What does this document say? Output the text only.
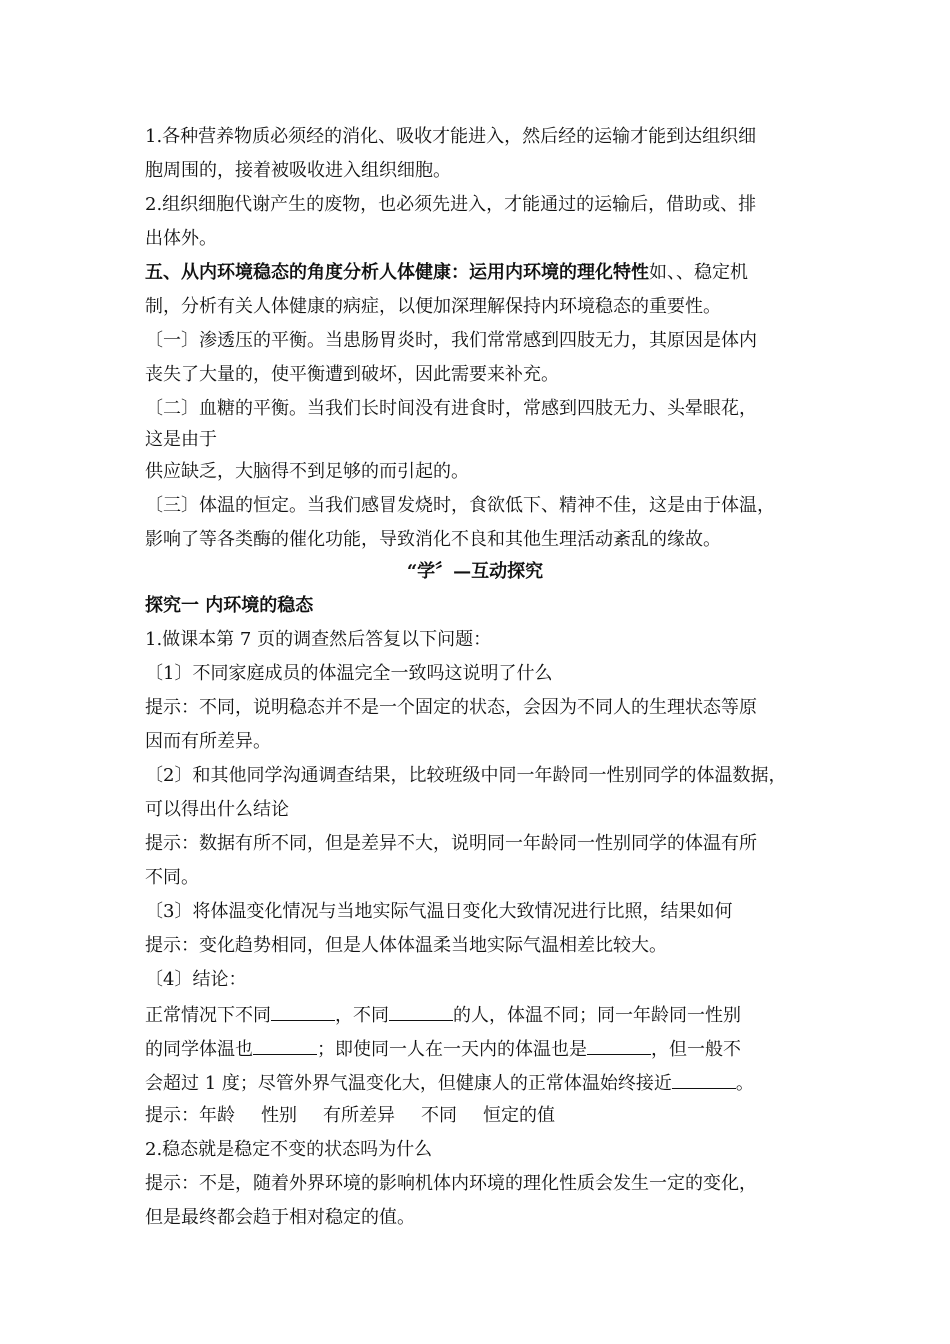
1.各种营养物质必须经的消化、吸收才能进入，然后经的运输才能到达组织细
胞周围的，接着被吸收进入组织细胞。
2.组织细胞代谢产生的废物，也必须先进入，才能通过的运输后，借助或、排
出体外。
五、从内环境稳态的角度分析人体健康：运用内环境的理化特性如、、稳定机
制，分析有关人体健康的病症，以便加深理解保持内环境稳态的重要性。
〔一〕渗透压的平衡。当患肠胃炎时，我们常常感到四肢无力，其原因是体内
丧失了大量的，使平衡遭到破坏，因此需要来补充。
〔二〕血糖的平衡。当我们长时间没有进食时，常感到四肢无力、头晕眼花，
这是由于
供应缺乏，大脑得不到足够的而引起的。
〔三〕体温的恒定。当我们感冒发烧时，食欲低下、精神不佳，这是由于体温，
影响了等各类酶的催化功能，导致消化不良和其他生理活动紊乱的缘故。
“学〞—互动探究
探究一 内环境的稳态
1.做课本第 7 页的调查然后答复以下问题：
〔1〕不同家庭成员的体温完全一致吗这说明了什么
提示：不同，说明稳态并不是一个固定的状态，会因为不同人的生理状态等原
因而有所差异。
〔2〕和其他同学沟通调查结果，比较班级中同一年龄同一性别同学的体温数据，
可以得出什么结论
提示：数据有所不同，但是差异不大，说明同一年龄同一性别同学的体温有所
不同。
〔3〕将体温变化情况与当地实际气温日变化大致情况进行比照，结果如何
提示：变化趋势相同，但是人体体温柔当地实际气温相差比较大。
〔4〕结论：
正常情况下不同	，不同	的人，体温不同；同一年龄同一性别
的同学体温也	；即使同一人在一天内的体温也是	，但一般不
会超过 1 度；尽管外界气温变化大，但健康人的正常体温始终接近	。
提示：年龄 性别 有所差异 不同 恒定的值
2.稳态就是稳定不变的状态吗为什么
提示：不是，随着外界环境的影响机体内环境的理化性质会发生一定的变化，
但是最终都会趋于相对稳定的值。
